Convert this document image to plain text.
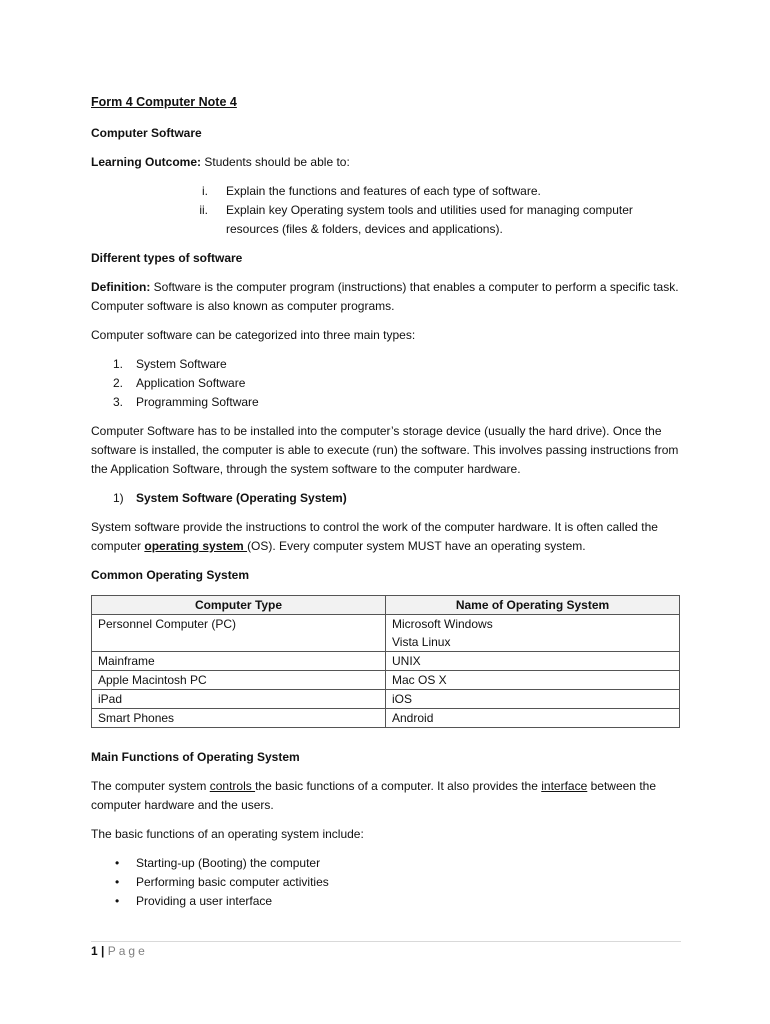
Form 4 Computer Note 4
Computer Software

Learning Outcome: Students should be able to:

i.	Explain the functions and features of each type of software.
ii.	Explain key Operating system tools and utilities used for managing computer resources (files & folders, devices and applications).
Different types of software

Definition: Software is the computer program (instructions) that enables a computer to perform a specific task. Computer software is also known as computer programs.

Computer software can be categorized into three main types:

1.	System Software
2.	Application Software
3.	Programming Software

Computer Software has to be installed into the computer’s storage device (usually the hard drive). Once the software is installed, the computer is able to execute (run) the software. This involves passing instructions from the Application Software, through the system software to the computer hardware.

1)	System Software (Operating System)

System software provide the instructions to control the work of the computer hardware. It is often called the computer operating system (OS). Every computer system MUST have an operating system.

Common Operating System
Computer Type	Name of Operating System
Personnel Computer (PC)	Microsoft Windows
Vista Linux

Mainframe	UNIX
Apple Macintosh PC	Mac OS X
iPad	iOS
Smart Phones	Android
Main Functions of Operating System

The computer system controls the basic functions of a computer. It also provides the interface between the computer hardware and the users.

The basic functions of an operating system include:

•	Starting-up (Booting) the computer
•	Performing basic computer activities
•	Providing a user interface
1 | Page
